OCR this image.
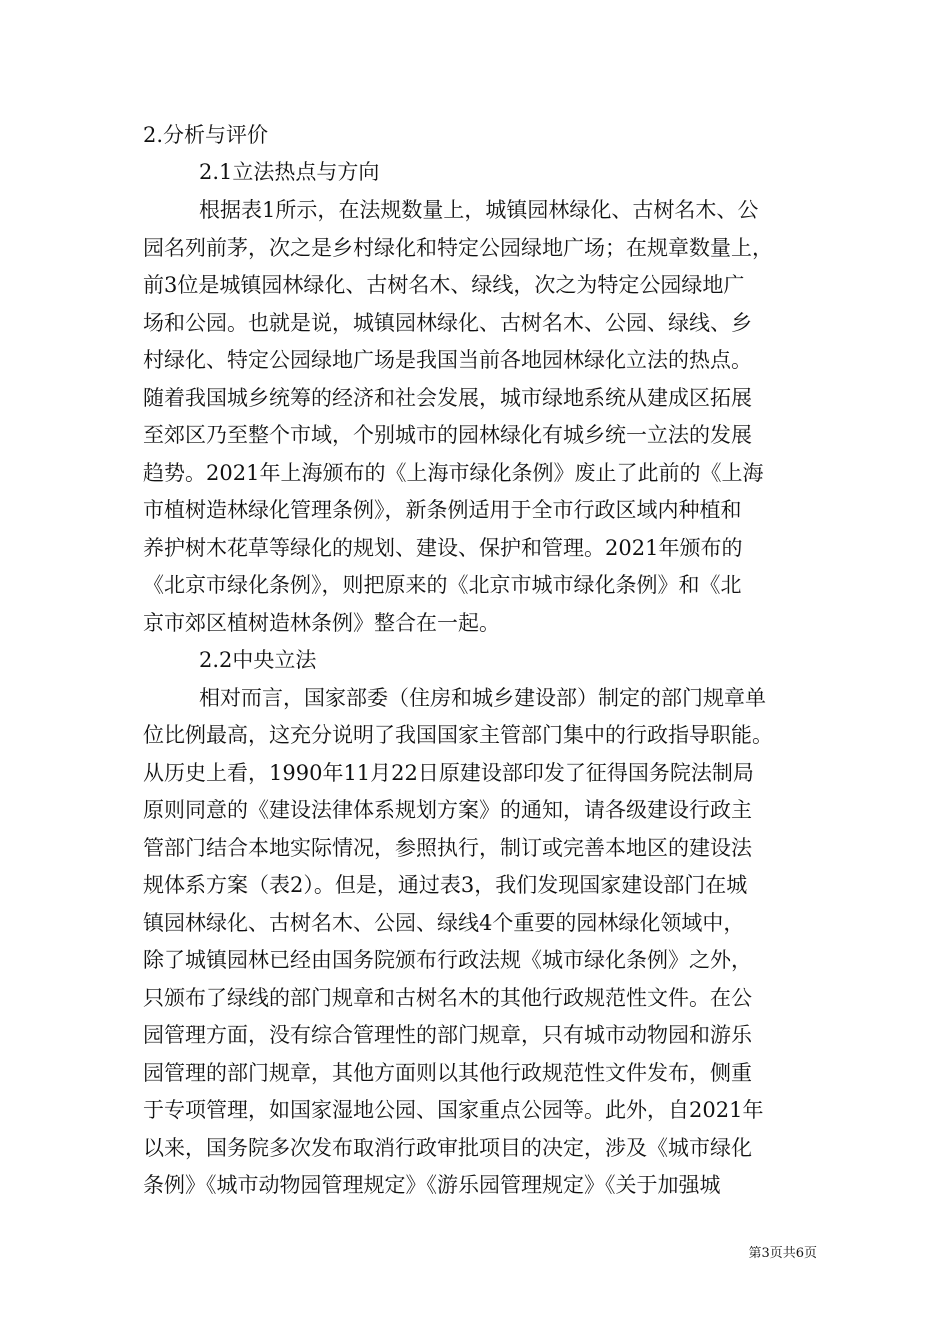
2.分析与评价
2.1立法热点与方向
根据表1所示，在法规数量上，城镇园林绿化、古树名木、公
园名列前茅，次之是乡村绿化和特定公园绿地广场；在规章数量上，
前3位是城镇园林绿化、古树名木、绿线，次之为特定公园绿地广
场和公园。也就是说，城镇园林绿化、古树名木、公园、绿线、乡
村绿化、特定公园绿地广场是我国当前各地园林绿化立法的热点。
随着我国城乡统筹的经济和社会发展，城市绿地系统从建成区拓展
至郊区乃至整个市域，个别城市的园林绿化有城乡统一立法的发展
趋势。2021年上海颁布的《上海市绿化条例》废止了此前的《上海
市植树造林绿化管理条例》，新条例适用于全市行政区域内种植和
养护树木花草等绿化的规划、建设、保护和管理。2021年颁布的
《北京市绿化条例》，则把原来的《北京市城市绿化条例》和《北
京市郊区植树造林条例》整合在一起。
2.2中央立法
相对而言，国家部委（住房和城乡建设部）制定的部门规章单
位比例最高，这充分说明了我国国家主管部门集中的行政指导职能。
从历史上看，1990年11月22日原建设部印发了征得国务院法制局
原则同意的《建设法律体系规划方案》的通知，请各级建设行政主
管部门结合本地实际情况，参照执行，制订或完善本地区的建设法
规体系方案（表2）。但是，通过表3，我们发现国家建设部门在城
镇园林绿化、古树名木、公园、绿线4个重要的园林绿化领域中，
除了城镇园林已经由国务院颁布行政法规《城市绿化条例》之外，
只颁布了绿线的部门规章和古树名木的其他行政规范性文件。在公
园管理方面，没有综合管理性的部门规章，只有城市动物园和游乐
园管理的部门规章，其他方面则以其他行政规范性文件发布，侧重
于专项管理，如国家湿地公园、国家重点公园等。此外，自2021年
以来，国务院多次发布取消行政审批项目的决定，涉及《城市绿化
条例》《城市动物园管理规定》《游乐园管理规定》《关于加强城
第3页共6页
